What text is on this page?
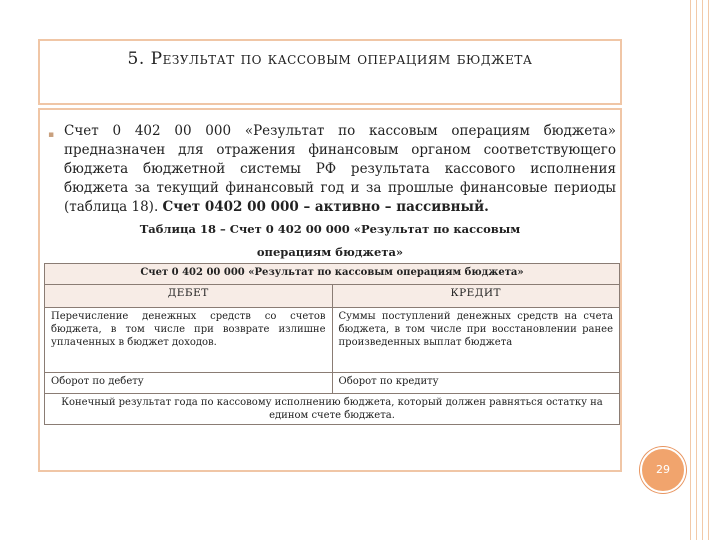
5. Результат по кассовым операциям бюджета
▪ Счет 0 402 00 000 «Результат по кассовым операциям бюджета» предназначен для отражения финансовым органом соответствующего бюджета бюджетной системы РФ результата кассового исполнения бюджета за текущий финансовый год и за прошлые финансовые периоды (таблица 18). Счет 0402 00 000 – активно – пассивный.
Таблица 18 – Счет 0 402 00 000 «Результат по кассовым
операциям бюджета»
Счет 0 402 00 000 «Результат по кассовым операциям бюджета»	
ДЕБЕТ	КРЕДИТ
Перечисление денежных средств со счетов бюджета, в том числе при возврате излишне уплаченных в бюджет доходов.	Суммы поступлений денежных средств на счета бюджета, в том числе при восстановлении ранее произведенных выплат бюджета
Оборот по дебету	Оборот по кредиту
Конечный результат года по кассовому исполнению бюджета, который должен равняться остатку на едином счете бюджета.	
29
